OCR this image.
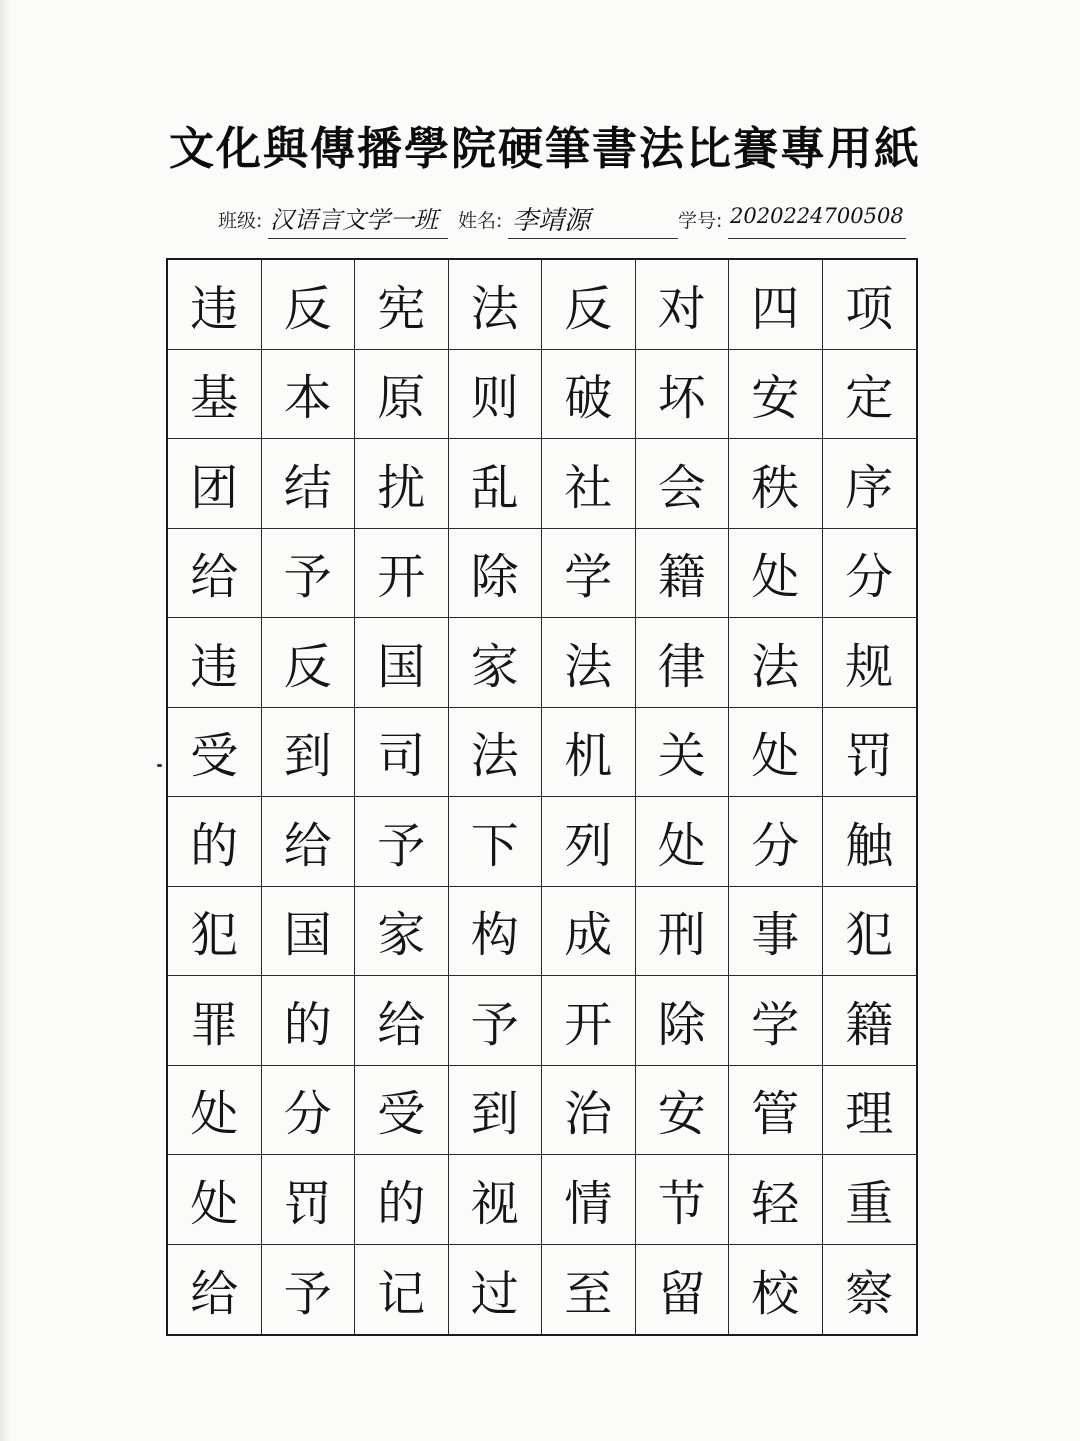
文化與傳播學院硬筆書法比賽專用紙
班级: 汉语言文学一班 姓名: 李靖源	学号: 2020224700508
违 反 宪 法 反 对 四 项
基 本 原 则 破 坏 安 定
团 结 扰 乱 社 会 秩 序
给 予 开 除 学 籍 处 分
违 反 国 家 法 律 法 规
受 到 司 法 机 关 处 罚
的 给 予 下 列 处 分 触
犯 国 家 构 成 刑 事 犯
罪 的 给 予 开 除 学 籍
处 分 受 到 治 安 管 理
处 罚 的 视 情 节 轻 重
给 予 记 过 至 留 校 察
